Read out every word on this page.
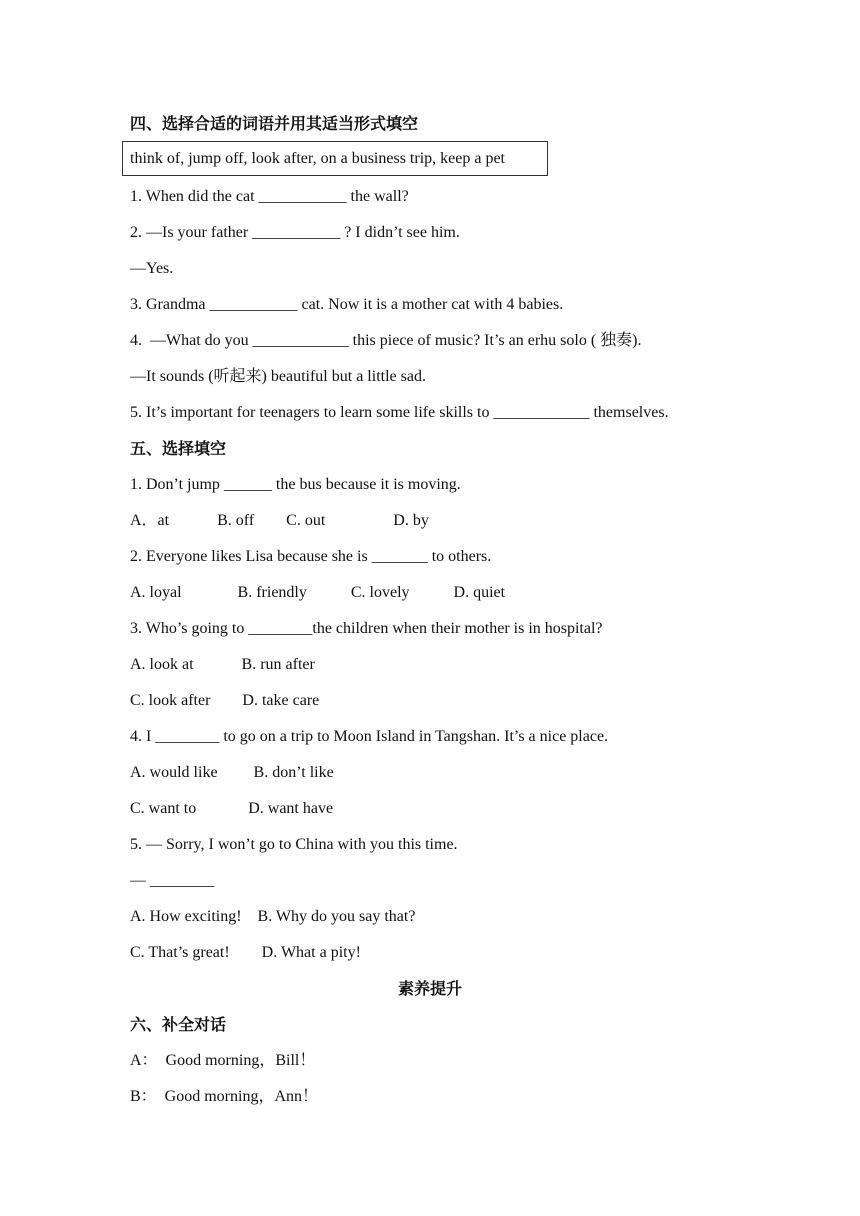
四、选择合适的词语并用其适当形式填空
think of, jump off, look after, on a business trip, keep a pet
1. When did the cat ___________ the wall?
2. —Is your father ___________ ? I didn’t see him.
—Yes.
3. Grandma ___________ cat. Now it is a mother cat with 4 babies.
4.  —What do you ____________ this piece of music? It’s an erhu solo ( 独奏).
—It sounds (听起来) beautiful but a little sad.
5. It’s important for teenagers to learn some life skills to ____________ themselves.
五、选择填空
1. Don’t jump ______ the bus because it is moving.
A．at            B. off        C. out                 D. by
2. Everyone likes Lisa because she is _______ to others.
A. loyal              B. friendly           C. lovely           D. quiet
3. Who’s going to ________the children when their mother is in hospital?
A. look at            B. run after
C. look after        D. take care
4. I ________ to go on a trip to Moon Island in Tangshan. It’s a nice place.
A. would like         B. don’t like
C. want to             D. want have
5. — Sorry, I won’t go to China with you this time.
— ________
A. How exciting!    B. Why do you say that?
C. That’s great!        D. What a pity!
素养提升
六、补全对话
A：  Good morning，Bill！
B：  Good morning，Ann！
